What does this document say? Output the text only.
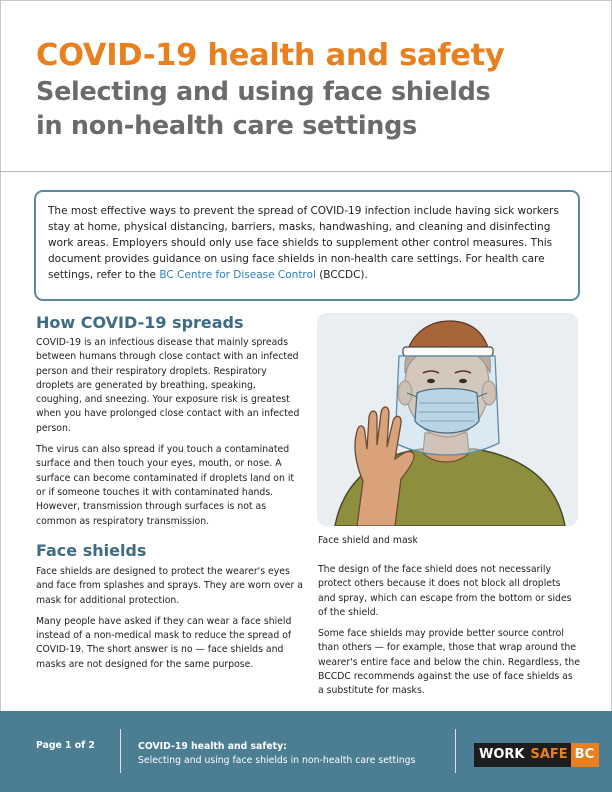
COVID-19 health and safety
Selecting and using face shields
in non-health care settings

The most effective ways to prevent the spread of COVID-19 infection include having sick workers stay at home, physical distancing, barriers, masks, handwashing, and cleaning and disinfecting work areas. Employers should only use face shields to supplement other control measures. This document provides guidance on using face shields in non-health care settings. For health care settings, refer to the BC Centre for Disease Control (BCCDC).

How COVID-19 spreads

COVID-19 is an infectious disease that mainly spreads between humans through close contact with an infected person and their respiratory droplets. Respiratory droplets are generated by breathing, speaking, coughing, and sneezing. Your exposure risk is greatest when you have prolonged close contact with an infected person.

The virus can also spread if you touch a contaminated surface and then touch your eyes, mouth, or nose. A surface can become contaminated if droplets land on it or if someone touches it with contaminated hands. However, transmission through surfaces is not as common as respiratory transmission.

Face shields

Face shields are designed to protect the wearer's eyes and face from splashes and sprays. They are worn over a mask for additional protection.

Many people have asked if they can wear a face shield instead of a non-medical mask to reduce the spread of COVID-19. The short answer is no — face shields and masks are not designed for the same purpose.

Face shield and mask

The design of the face shield does not necessarily protect others because it does not block all droplets and spray, which can escape from the bottom or sides of the shield.

Some face shields may provide better source control than others — for example, those that wrap around the wearer's entire face and below the chin. Regardless, the BCCDC recommends against the use of face shields as a substitute for masks.

Page 1 of 2	COVID-19 health and safety:
Selecting and using face shields in non-health care settings	WORK SAFE BC
